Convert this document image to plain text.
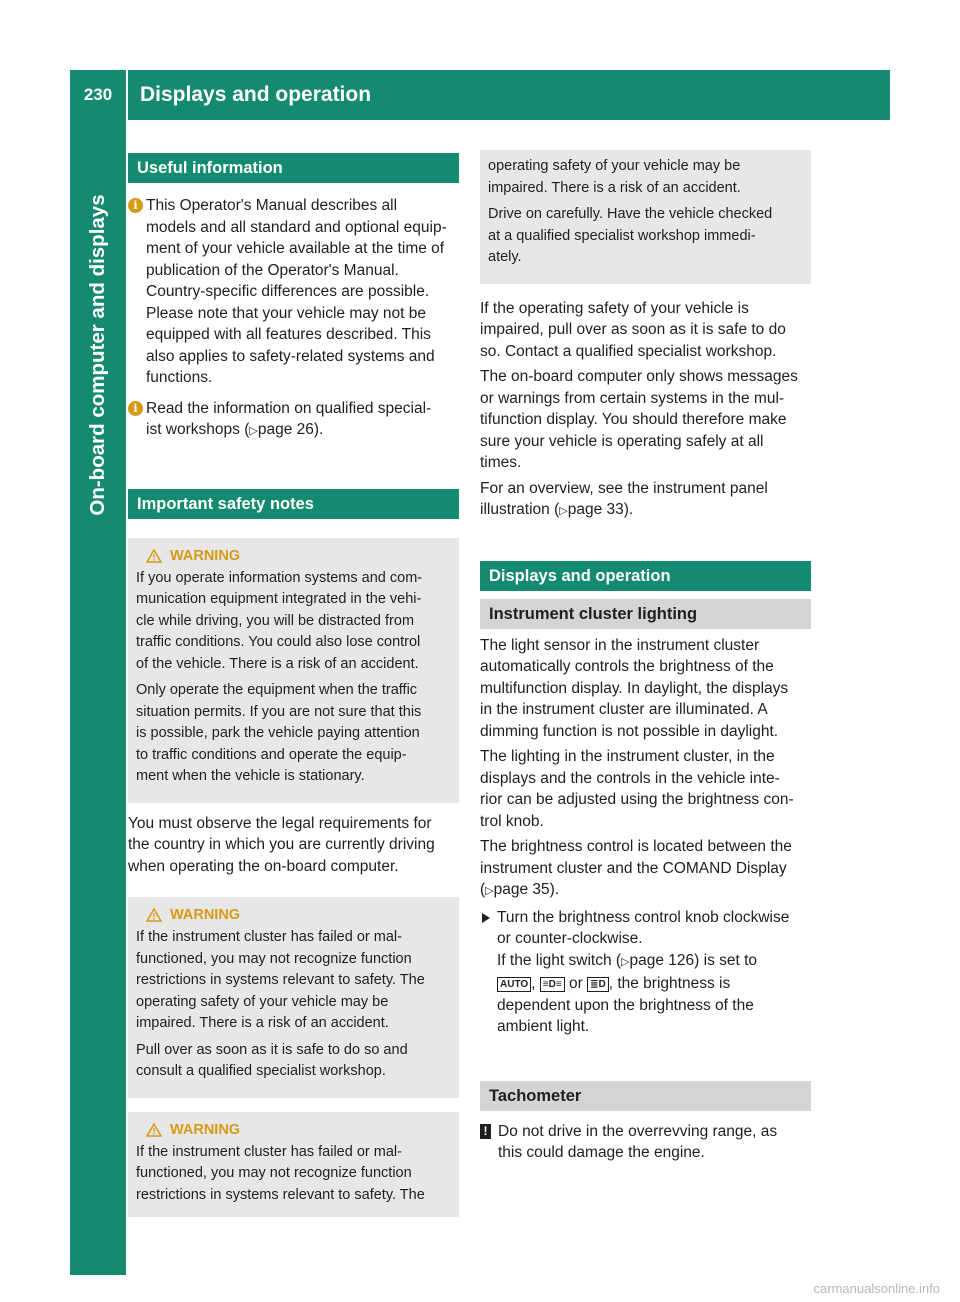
230	Displays and operation
On-board computer and displays
Useful information
i This Operator's Manual describes all
models and all standard and optional equip-
ment of your vehicle available at the time of
publication of the Operator's Manual.
Country-specific differences are possible.
Please note that your vehicle may not be
equipped with all features described. This
also applies to safety-related systems and
functions.
i Read the information on qualified special-
ist workshops (▷page 26).
Important safety notes
WARNING
If you operate information systems and com-
munication equipment integrated in the vehi-
cle while driving, you will be distracted from
traffic conditions. You could also lose control
of the vehicle. There is a risk of an accident.
Only operate the equipment when the traffic
situation permits. If you are not sure that this
is possible, park the vehicle paying attention
to traffic conditions and operate the equip-
ment when the vehicle is stationary.
You must observe the legal requirements for
the country in which you are currently driving
when operating the on-board computer.
WARNING
If the instrument cluster has failed or mal-
functioned, you may not recognize function
restrictions in systems relevant to safety. The
operating safety of your vehicle may be
impaired. There is a risk of an accident.
Pull over as soon as it is safe to do so and
consult a qualified specialist workshop.
WARNING
If the instrument cluster has failed or mal-
functioned, you may not recognize function
restrictions in systems relevant to safety. The
operating safety of your vehicle may be
impaired. There is a risk of an accident.
Drive on carefully. Have the vehicle checked
at a qualified specialist workshop immedi-
ately.
If the operating safety of your vehicle is
impaired, pull over as soon as it is safe to do
so. Contact a qualified specialist workshop.
The on-board computer only shows messages
or warnings from certain systems in the mul-
tifunction display. You should therefore make
sure your vehicle is operating safely at all
times.
For an overview, see the instrument panel
illustration (▷page 33).
Displays and operation
Instrument cluster lighting
The light sensor in the instrument cluster
automatically controls the brightness of the
multifunction display. In daylight, the displays
in the instrument cluster are illuminated. A
dimming function is not possible in daylight.
The lighting in the instrument cluster, in the
displays and the controls in the vehicle inte-
rior can be adjusted using the brightness con-
trol knob.
The brightness control is located between the
instrument cluster and the COMAND Display
(▷page 35).
Turn the brightness control knob clockwise
or counter-clockwise.
If the light switch (▷page 126) is set to
AUTO , ≡D≡ or ≣D , the brightness is
dependent upon the brightness of the
ambient light.
Tachometer
! Do not drive in the overrevving range, as
this could damage the engine.
carmanualsonline.info
